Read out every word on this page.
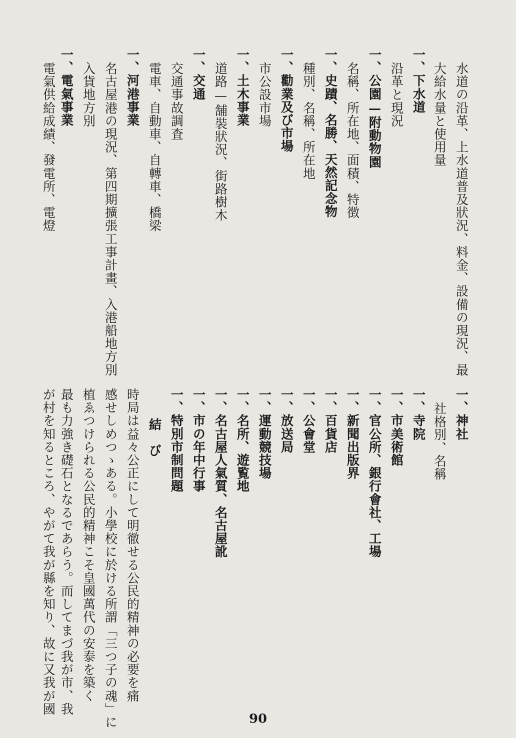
水道の沿革、上水道普及狀況、料金、設備の現況、最
大給水量と使用量
一、下水道
沿革と現況
一、公園—附動物園
名稱、所在地、面積、特徴
一、史蹟、名勝、天然記念物
種別、名稱、所在地
一、勸業及び市場
市公設市場
一、土木事業
道路—舗裝狀況、街路樹木
一、交通
交通事故調査
電車、自動車、自轉車、橋梁
一、河港事業
名古屋港の現況、第四期擴張工事計畫、入港船地方別
入貨地方別
一、電氣事業
電氣供給成績、發電所、電燈
一、神社
社格別、名稱
一、寺院
一、市美術館
一、官公所、銀行會社、工場
一、新聞出版界
一、百貨店
一、公會堂
一、放送局
一、運動競技場
一、名所、遊覧地
一、名古屋人氣質、名古屋訛
一、市の年中行事
一、特別市制問題
結　び
時局は益々公正にして明徹せる公民的精神の必要を痛
感せしめつゝある。小學校に於ける所謂「三つ子の魂」に
植ゑつけられる公民的精神こそ皇國萬代の安泰を築く
最も力強き礎石となるであらう。而してまづ我が市、我
が村を知るところ、やがて我が縣を知り、故に又我が國
90
